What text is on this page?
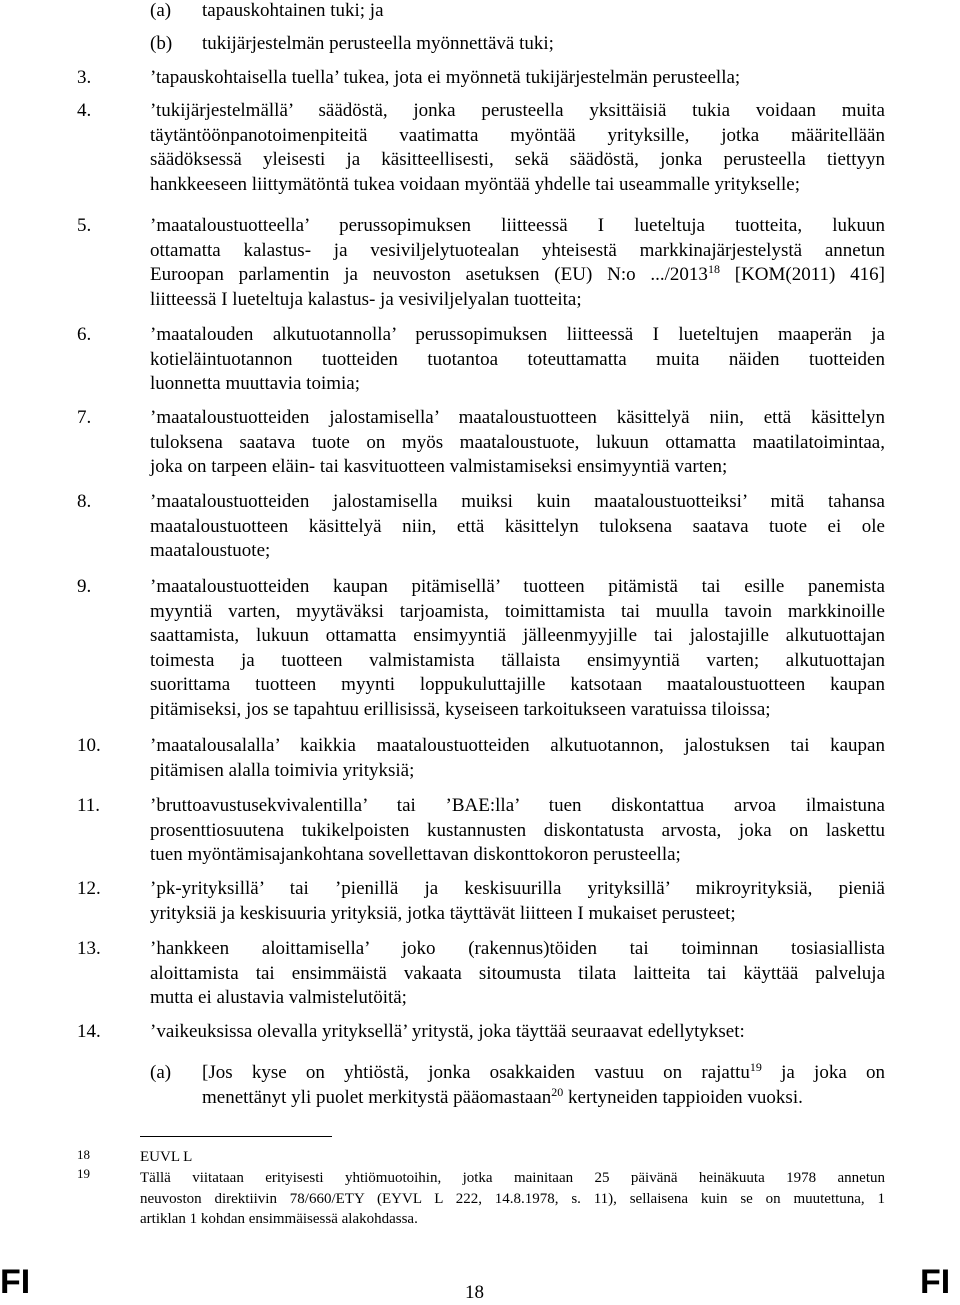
(a) tapauskohtainen tuki; ja
(b) tukijärjestelmän perusteella myönnettävä tuki;
3.	’tapauskohtaisella tuella’ tukea, jota ei myönnetä tukijärjestelmän perusteella;
4.	’tukijärjestelmällä’ säädöstä, jonka perusteella yksittäisiä tukia voidaan muita
täytäntöönpanotoimenpiteitä vaatimatta myöntää yrityksille, jotka määritellään
säädöksessä yleisesti ja käsitteellisesti, sekä säädöstä, jonka perusteella tiettyyn
hankkeeseen liittymätöntä tukea voidaan myöntää yhdelle tai useammalle yritykselle;
5.	’maataloustuotteella’ perussopimuksen liitteessä I lueteltuja tuotteita, lukuun
ottamatta kalastus- ja vesiviljelytuotealan yhteisestä markkinajärjestelystä annetun
Euroopan parlamentin ja neuvoston asetuksen (EU) N:o .../2013$^{18}$ [KOM(2011) 416]
liitteessä I lueteltuja kalastus- ja vesiviljelyalan tuotteita;
6.	’maatalouden alkutuotannolla’ perussopimuksen liitteessä I lueteltujen maaperän ja
kotieläintuotannon tuotteiden tuotantoa toteuttamatta muita näiden tuotteiden
luonnetta muuttavia toimia;
7.	’maataloustuotteiden jalostamisella’ maataloustuotteen käsittelyä niin, että käsittelyn
tuloksena saatava tuote on myös maataloustuote, lukuun ottamatta maatilatoimintaa,
joka on tarpeen eläin- tai kasvituotteen valmistamiseksi ensimyyntiä varten;
8.	’maataloustuotteiden jalostamisella muiksi kuin maataloustuotteiksi’ mitä tahansa
maataloustuotteen käsittelyä niin, että käsittelyn tuloksena saatava tuote ei ole
maataloustuote;
9.	’maataloustuotteiden kaupan pitämisellä’ tuotteen pitämistä tai esille panemista
myyntiä varten, myytäväksi tarjoamista, toimittamista tai muulla tavoin markkinoille
saattamista, lukuun ottamatta ensimyyntiä jälleenmyyjille tai jalostajille alkutuottajan
toimesta ja tuotteen valmistamista tällaista ensimyyntiä varten; alkutuottajan
suorittama tuotteen myynti loppukuluttajille katsotaan maataloustuotteen kaupan
pitämiseksi, jos se tapahtuu erillisissä, kyseiseen tarkoitukseen varatuissa tiloissa;
10.	’maatalousalalla’ kaikkia maataloustuotteiden alkutuotannon, jalostuksen tai kaupan
pitämisen alalla toimivia yrityksiä;
11.	’bruttoavustusekvivalentilla’ tai ’BAE:lla’ tuen diskontattua arvoa ilmaistuna
prosenttiosuutena tukikelpoisten kustannusten diskontatusta arvosta, joka on laskettu
tuen myöntämisajankohtana sovellettavan diskonttokoron perusteella;
12.	’pk-yrityksillä’ tai ’pienillä ja keskisuurilla yrityksillä’ mikroyrityksiä, pieniä
yrityksiä ja keskisuuria yrityksiä, jotka täyttävät liitteen I mukaiset perusteet;
13.	’hankkeen aloittamisella’ joko (rakennus)töiden tai toiminnan tosiasiallista
aloittamista tai ensimmäistä vakaata sitoumusta tilata laitteita tai käyttää palveluja
mutta ei alustavia valmistelutöitä;
14.	’vaikeuksissa olevalla yrityksellä’ yritystä, joka täyttää seuraavat edellytykset:
(a) [Jos kyse on yhtiöstä, jonka osakkaiden vastuu on rajattu$^{19}$ ja joka on
menettänyt yli puolet merkitystä pääomastaan$^{20}$ kertyneiden tappioiden vuoksi.
18	EUVL L
19	Tällä viitataan erityisesti yhtiömuotoihin, jotka mainitaan 25 päivänä heinäkuuta 1978 annetun
neuvoston direktiivin 78/660/ETY (EYVL L 222, 14.8.1978, s. 11), sellaisena kuin se on muutettuna, 1
artiklan 1 kohdan ensimmäisessä alakohdassa.
FI	18	FI
